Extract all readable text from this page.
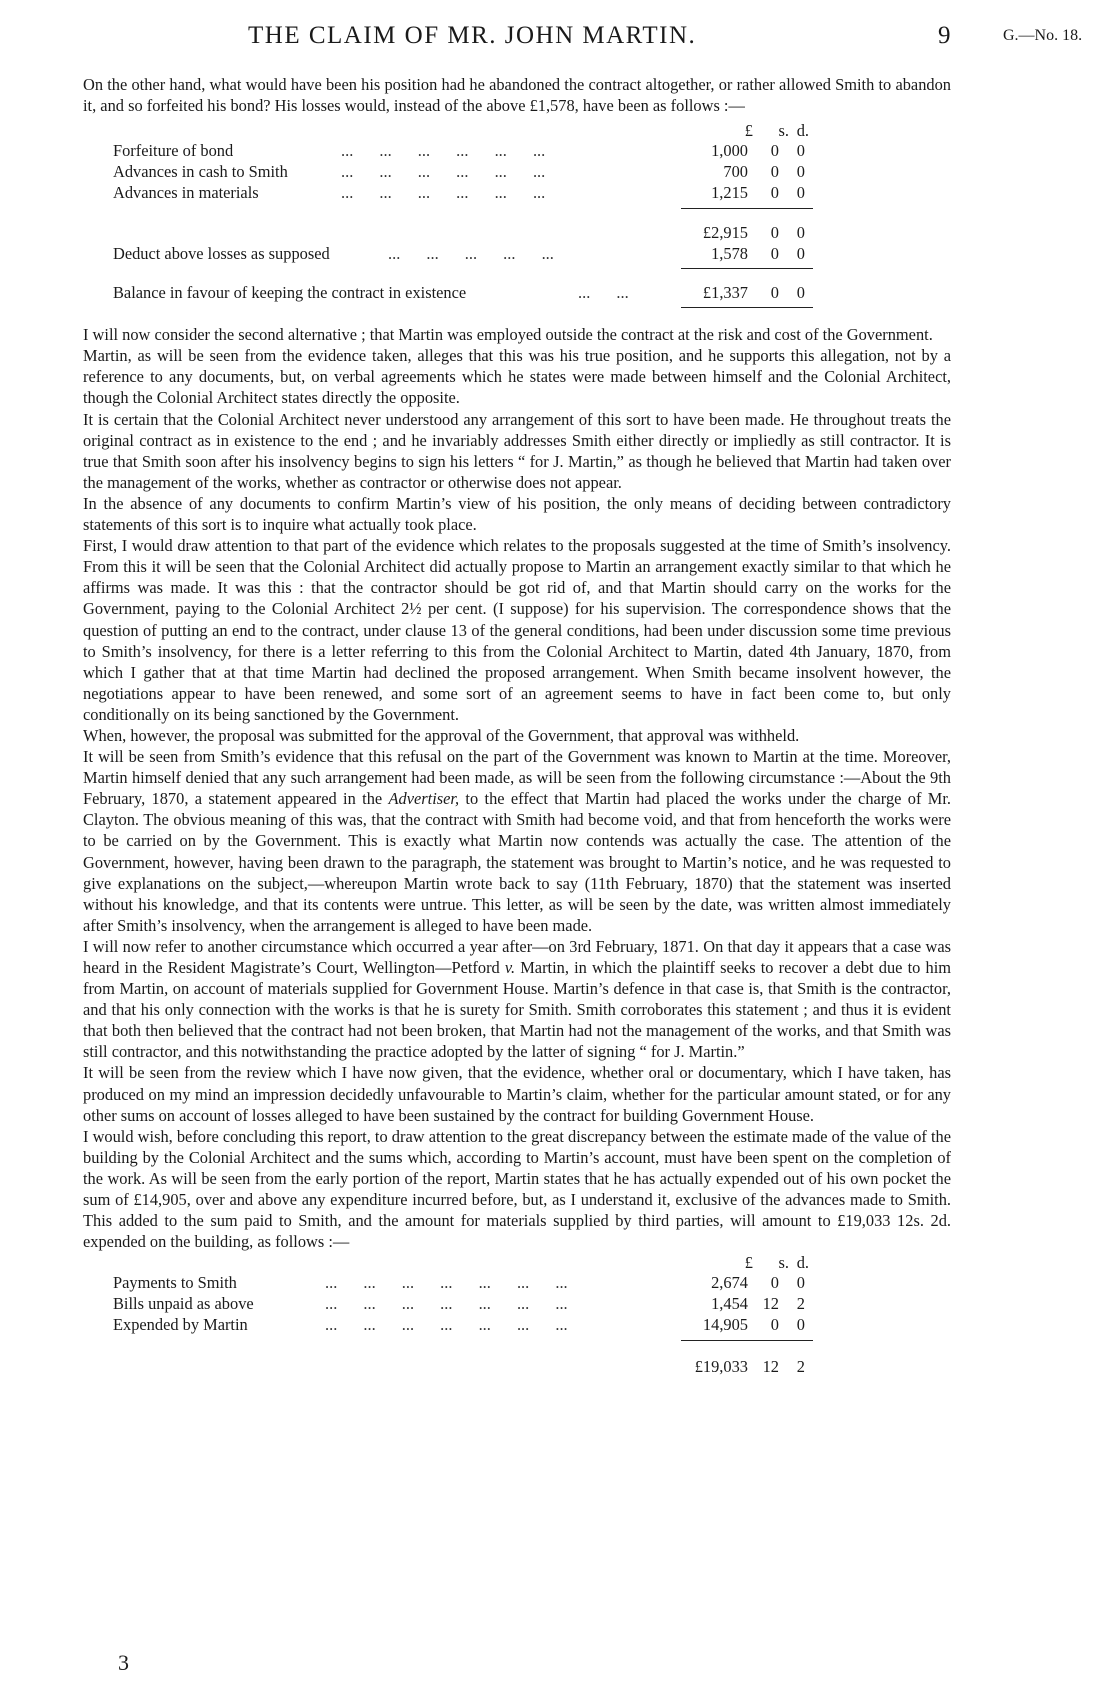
THE CLAIM OF MR. JOHN MARTIN.	9	G.—No. 18.

On the other hand, what would have been his position had he abandoned the contract altogether, or rather allowed Smith to abandon it, and so forfeited his bond? His losses would, instead of the above £1,578, have been as follows :—

£	s. d.
Forfeiture of bond	... ... ... ... ... ...	1,000	0	0
Advances in cash to Smith	... ... ... ... ... ...	700	0	0
Advances in materials	... ... ... ... ... ...	1,215	0	0
£2,915	0	0
Deduct above losses as supposed	... ... ... ... ...	1,578	0	0
Balance in favour of keeping the contract in existence	... ...	£1,337	0	0

I will now consider the second alternative ; that Martin was employed outside the contract at the risk and cost of the Government.

Martin, as will be seen from the evidence taken, alleges that this was his true position, and he supports this allegation, not by a reference to any documents, but, on verbal agreements which he states were made between himself and the Colonial Architect, though the Colonial Architect states directly the opposite.

It is certain that the Colonial Architect never understood any arrangement of this sort to have been made. He throughout treats the original contract as in existence to the end ; and he invariably addresses Smith either directly or impliedly as still contractor. It is true that Smith soon after his insolvency begins to sign his letters “ for J. Martin,” as though he believed that Martin had taken over the management of the works, whether as contractor or otherwise does not appear.

In the absence of any documents to confirm Martin’s view of his position, the only means of deciding between contradictory statements of this sort is to inquire what actually took place.

First, I would draw attention to that part of the evidence which relates to the proposals suggested at the time of Smith’s insolvency. From this it will be seen that the Colonial Architect did actually propose to Martin an arrangement exactly similar to that which he affirms was made. It was this : that the contractor should be got rid of, and that Martin should carry on the works for the Government, paying to the Colonial Architect 2½ per cent. (I suppose) for his supervision. The correspondence shows that the question of putting an end to the contract, under clause 13 of the general conditions, had been under discussion some time previous to Smith’s insolvency, for there is a letter referring to this from the Colonial Architect to Martin, dated 4th January, 1870, from which I gather that at that time Martin had declined the proposed arrangement. When Smith became insolvent however, the negotiations appear to have been renewed, and some sort of an agreement seems to have in fact been come to, but only conditionally on its being sanctioned by the Government.

When, however, the proposal was submitted for the approval of the Government, that approval was withheld.

It will be seen from Smith’s evidence that this refusal on the part of the Government was known to Martin at the time. Moreover, Martin himself denied that any such arrangement had been made, as will be seen from the following circumstance :—About the 9th February, 1870, a statement appeared in the Advertiser, to the effect that Martin had placed the works under the charge of Mr. Clayton. The obvious meaning of this was, that the contract with Smith had become void, and that from henceforth the works were to be carried on by the Government. This is exactly what Martin now contends was actually the case. The attention of the Government, however, having been drawn to the paragraph, the statement was brought to Martin’s notice, and he was requested to give explanations on the subject,—whereupon Martin wrote back to say (11th February, 1870) that the statement was inserted without his knowledge, and that its contents were untrue. This letter, as will be seen by the date, was written almost immediately after Smith’s insolvency, when the arrangement is alleged to have been made.

I will now refer to another circumstance which occurred a year after—on 3rd February, 1871. On that day it appears that a case was heard in the Resident Magistrate’s Court, Wellington—Petford v. Martin, in which the plaintiff seeks to recover a debt due to him from Martin, on account of materials supplied for Government House. Martin’s defence in that case is, that Smith is the contractor, and that his only connection with the works is that he is surety for Smith. Smith corroborates this statement ; and thus it is evident that both then believed that the contract had not been broken, that Martin had not the management of the works, and that Smith was still contractor, and this notwithstanding the practice adopted by the latter of signing “ for J. Martin.”

It will be seen from the review which I have now given, that the evidence, whether oral or documentary, which I have taken, has produced on my mind an impression decidedly unfavourable to Martin’s claim, whether for the particular amount stated, or for any other sums on account of losses alleged to have been sustained by the contract for building Government House.

I would wish, before concluding this report, to draw attention to the great discrepancy between the estimate made of the value of the building by the Colonial Architect and the sums which, according to Martin’s account, must have been spent on the completion of the work. As will be seen from the early portion of the report, Martin states that he has actually expended out of his own pocket the sum of £14,905, over and above any expenditure incurred before, but, as I understand it, exclusive of the advances made to Smith. This added to the sum paid to Smith, and the amount for materials supplied by third parties, will amount to £19,033 12s. 2d. expended on the building, as follows :—

£	s. d.
Payments to Smith	... ... ... ... ... ... ...	2,674	0	0
Bills unpaid as above	... ... ... ... ... ... ...	1,454 12	2
Expended by Martin	... ... ... ... ... ... ...	14,905	0	0
£19,033 12	2
3
